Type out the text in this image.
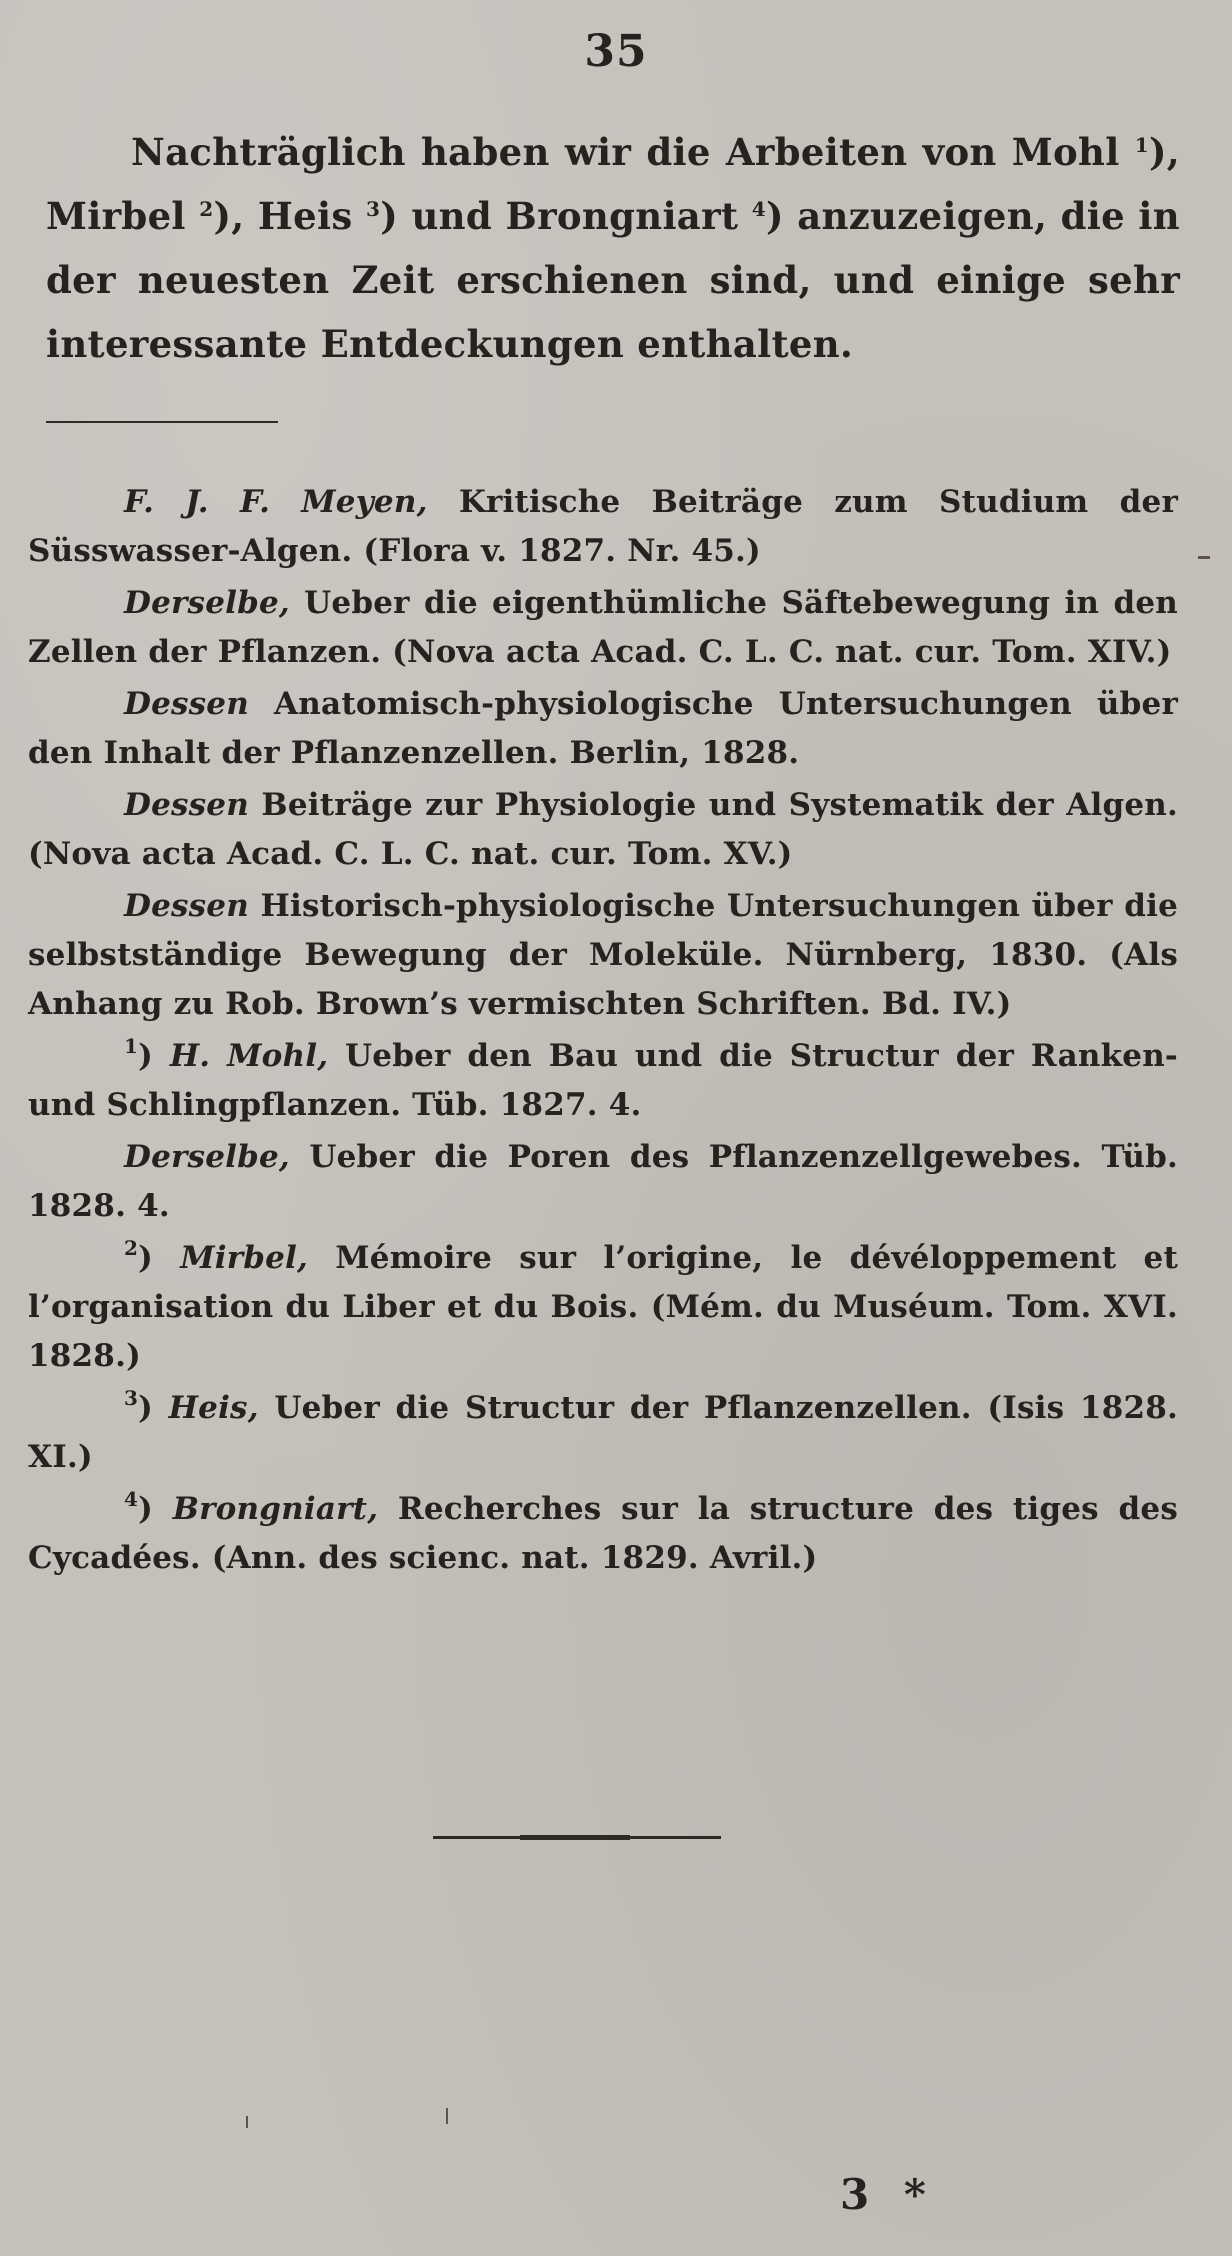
35

Nachträglich haben wir die Arbeiten von Mohl $^1$), Mirbel $^2$), Heis $^3$) und Brongniart $^4$) anzuzeigen, die in der neuesten Zeit erschienen sind, und einige sehr interessante Entdeckungen enthalten.

F. J. F. Meyen, Kritische Beiträge zum Studium der Süsswasser-Algen. (Flora v. 1827. Nr. 45.)

Derselbe, Ueber die eigenthümliche Säftebewegung in den Zellen der Pflanzen. (Nova acta Acad. C. L. C. nat. cur. Tom. XIV.)

Dessen Anatomisch-physiologische Untersuchungen über den Inhalt der Pflanzenzellen. Berlin, 1828.

Dessen Beiträge zur Physiologie und Systematik der Algen. (Nova acta Acad. C. L. C. nat. cur. Tom. XV.)

Dessen Historisch-physiologische Untersuchungen über die selbstständige Bewegung der Moleküle. Nürnberg, 1830. (Als Anhang zu Rob. Brown’s vermischten Schriften. Bd. IV.)

$^1$) H. Mohl, Ueber den Bau und die Structur der Ranken- und Schlingpflanzen. Tüb. 1827. 4.

Derselbe, Ueber die Poren des Pflanzenzellgewebes. Tüb. 1828. 4.

$^2$) Mirbel, Mémoire sur l’origine, le dévéloppement et l’organisation du Liber et du Bois. (Mém. du Muséum. Tom. XVI. 1828.)

$^3$) Heis, Ueber die Structur der Pflanzenzellen. (Isis 1828. XI.)

$^4$) Brongniart, Recherches sur la structure des tiges des Cycadées. (Ann. des scienc. nat. 1829. Avril.)

3 *
